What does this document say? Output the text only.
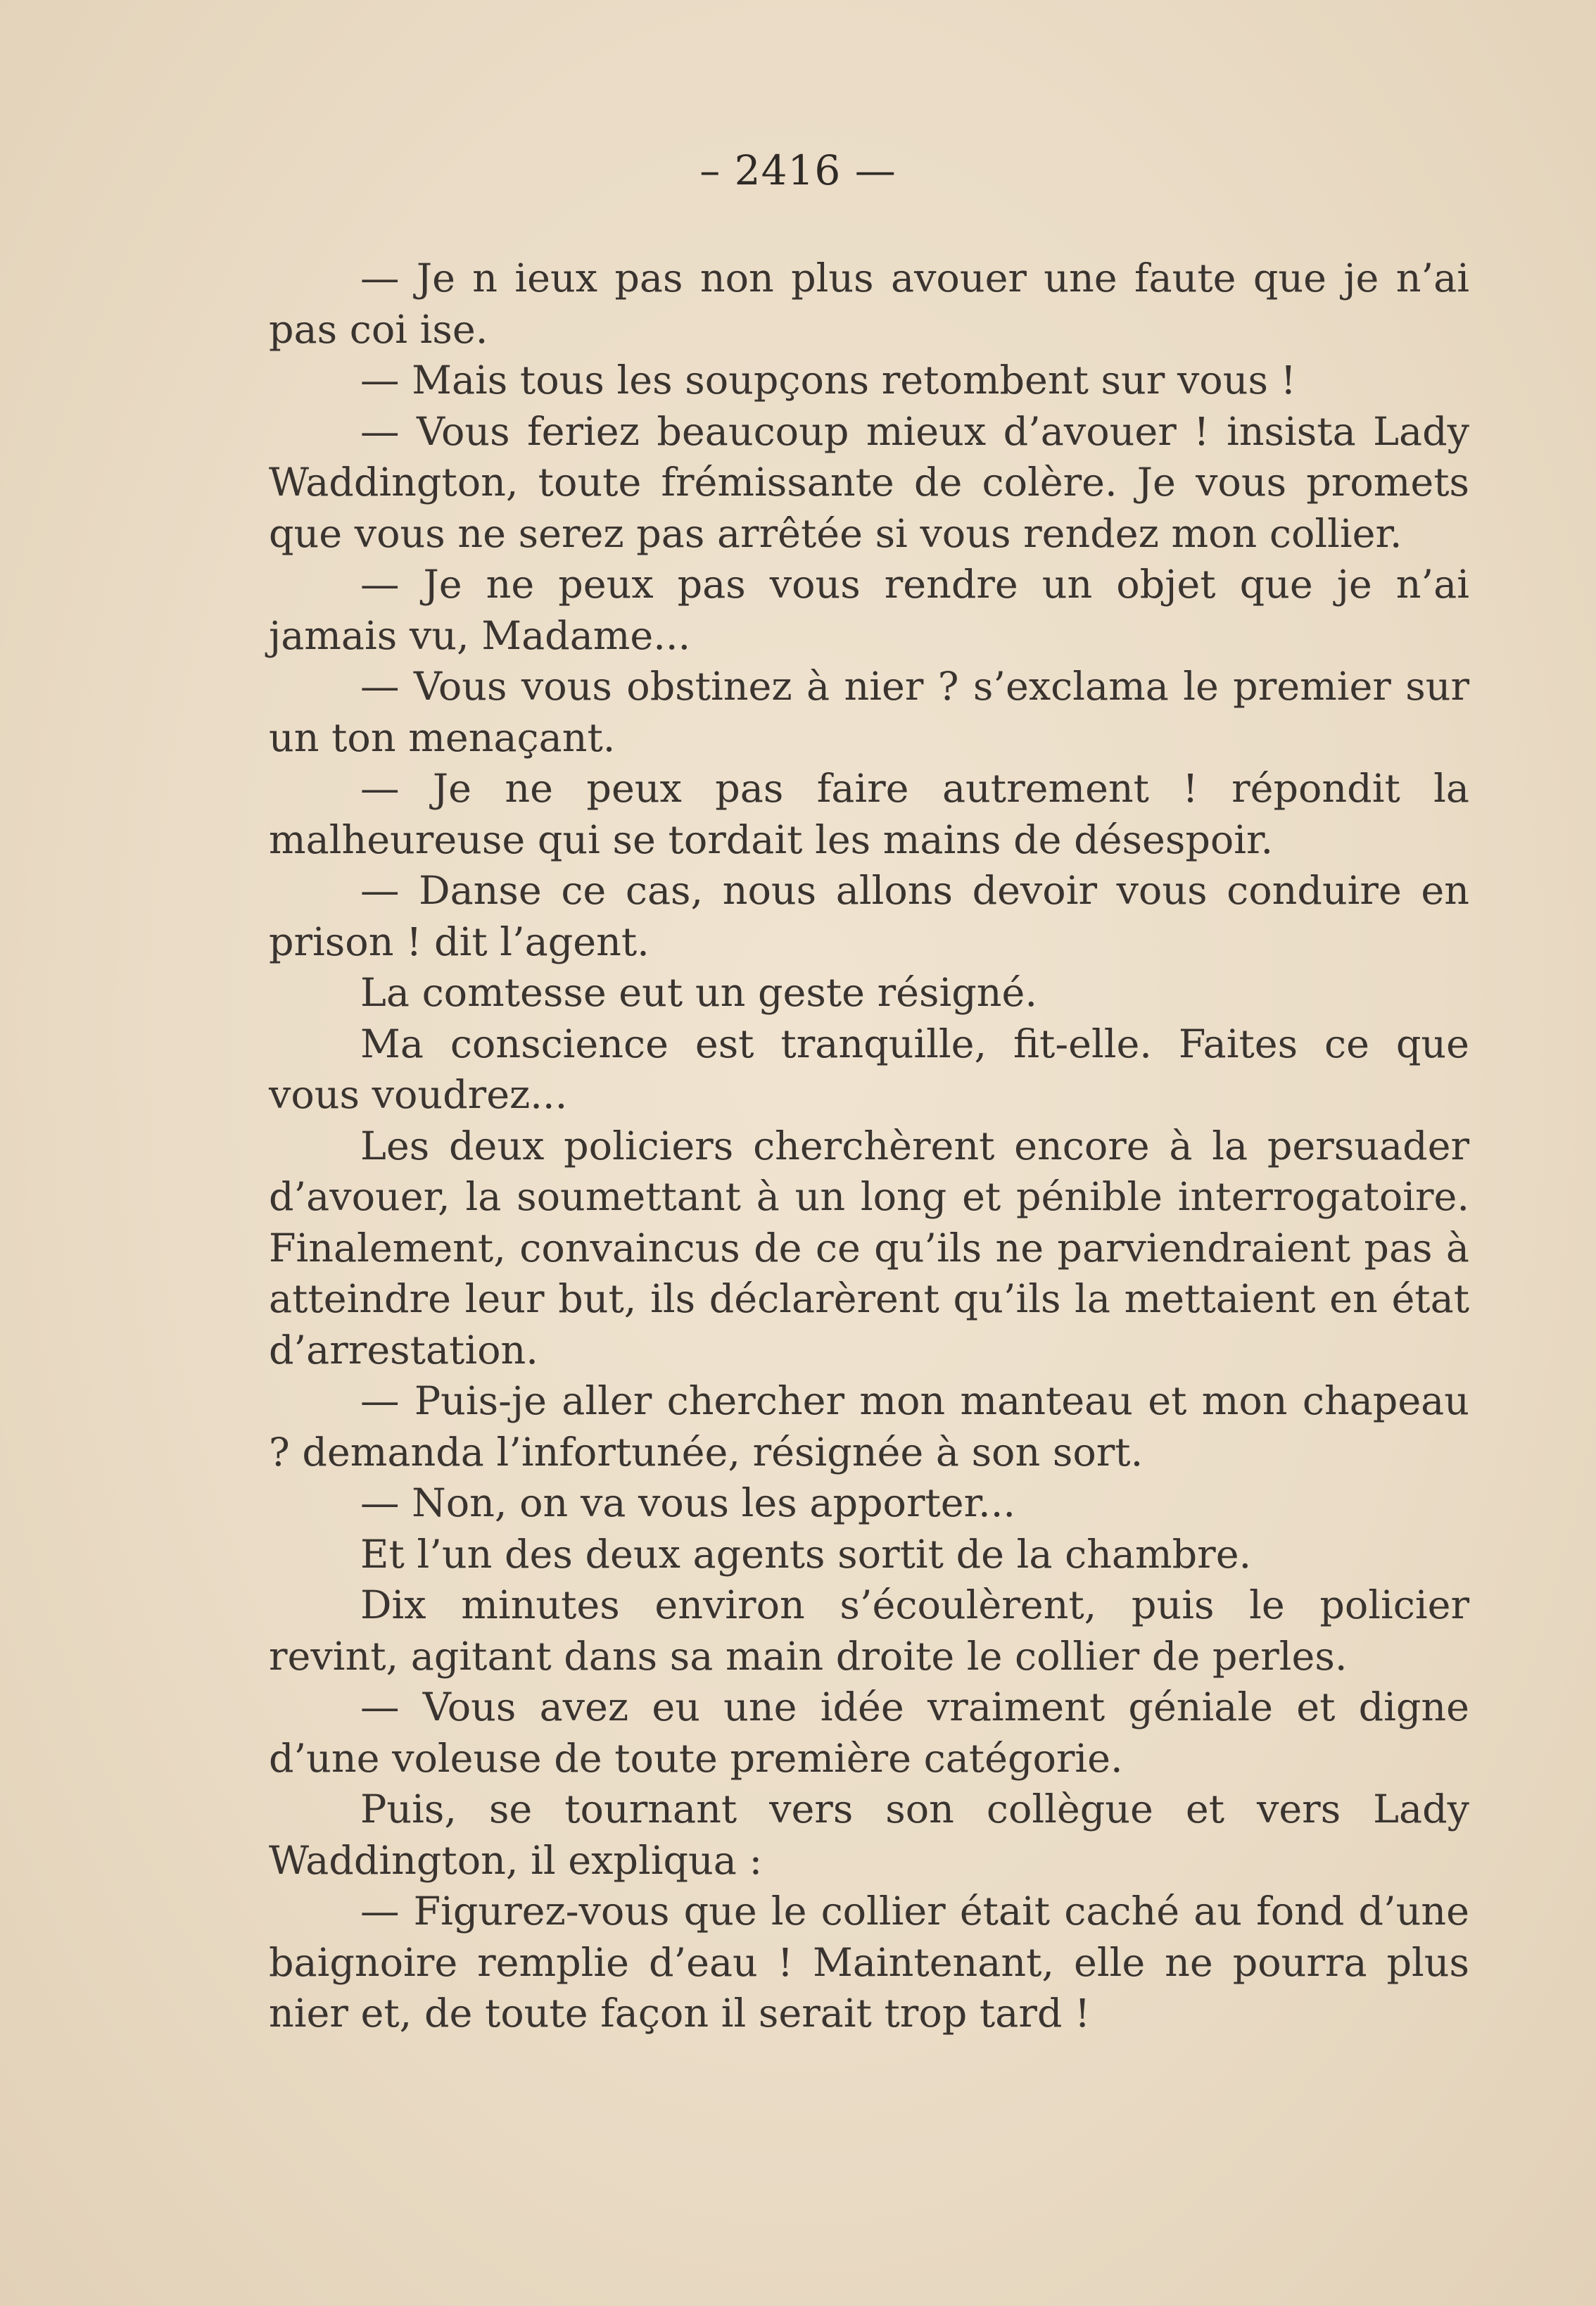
– 2416 —

— Je n ieux pas non plus avouer une faute que je n’ai pas coi ise.

— Mais tous les soupçons retombent sur vous !

— Vous feriez beaucoup mieux d’avouer ! insista Lady Waddington, toute frémissante de colère. Je vous promets que vous ne serez pas arrêtée si vous rendez mon collier.

— Je ne peux pas vous rendre un objet que je n’ai jamais vu, Madame...

— Vous vous obstinez à nier ? s’exclama le premier sur un ton menaçant.

— Je ne peux pas faire autrement ! répondit la malheureuse qui se tordait les mains de désespoir.

— Danse ce cas, nous allons devoir vous conduire en prison ! dit l’agent.

La comtesse eut un geste résigné.

Ma conscience est tranquille, fit-elle. Faites ce que vous voudrez...

Les deux policiers cherchèrent encore à la persuader d’avouer, la soumettant à un long et pénible interrogatoire. Finalement, convaincus de ce qu’ils ne parviendraient pas à atteindre leur but, ils déclarèrent qu’ils la mettaient en état d’arrestation.

— Puis-je aller chercher mon manteau et mon chapeau ? demanda l’infortunée, résignée à son sort.

— Non, on va vous les apporter...

Et l’un des deux agents sortit de la chambre.

Dix minutes environ s’écoulèrent, puis le policier revint, agitant dans sa main droite le collier de perles.

— Vous avez eu une idée vraiment géniale et digne d’une voleuse de toute première catégorie.

Puis, se tournant vers son collègue et vers Lady Waddington, il expliqua :

— Figurez-vous que le collier était caché au fond d’une baignoire remplie d’eau ! Maintenant, elle ne pourra plus nier et, de toute façon il serait trop tard !
